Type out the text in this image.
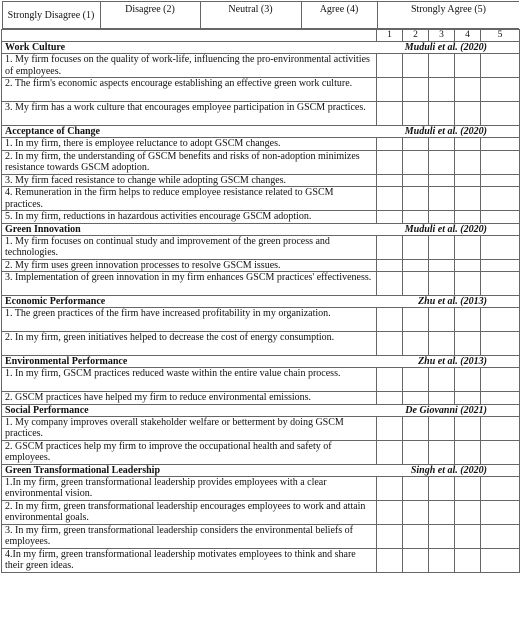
Strongly Disagree (1)	Disagree (2)	Neutral (3)	Agree (4)	Strongly Agree (5)

	1	2	3	4	5
Work Culture	Muduli et al. (2020)
1. My firm focuses on the quality of work-life, influencing the pro-environmental activities of employees.					
2. The firm's economic aspects encourage establishing an effective green work culture.					
3. My firm has a work culture that encourages employee participation in GSCM practices.					
Acceptance of Change	Muduli et al. (2020)
1. In my firm, there is employee reluctance to adopt GSCM changes.					
2. In my firm, the understanding of GSCM benefits and risks of non-adoption minimizes resistance towards GSCM adoption.					
3. My firm faced resistance to change while adopting GSCM changes.					
4. Remuneration in the firm helps to reduce employee resistance related to GSCM practices.					
5. In my firm, reductions in hazardous activities encourage GSCM adoption.					
Green Innovation	Muduli et al. (2020)
1. My firm focuses on continual study and improvement of the green process and technologies.					
2. My firm uses green innovation processes to resolve GSCM issues.					
3. Implementation of green innovation in my firm enhances GSCM practices' effectiveness.					
Economic Performance	Zhu et al. (2013)
1. The green practices of the firm have increased profitability in my organization.					
2. In my firm, green initiatives helped to decrease the cost of energy consumption.					
Environmental Performance	Zhu et al. (2013)
1. In my firm, GSCM practices reduced waste within the entire value chain process.					
2. GSCM practices have helped my firm to reduce environmental emissions.					
Social Performance	De Giovanni (2021)
1. My company improves overall stakeholder welfare or betterment by doing GSCM practices.					
2. GSCM practices help my firm to improve the occupational health and safety of employees.					
Green Transformational Leadership	Singh et al. (2020)
1.In my firm, green transformational leadership provides employees with a clear environmental vision.					
2. In my firm, green transformational leadership encourages employees to work and attain environmental goals.					
3. In my firm, green transformational leadership considers the environmental beliefs of employees.					
4.In my firm, green transformational leadership motivates employees to think and share their green ideas.					
